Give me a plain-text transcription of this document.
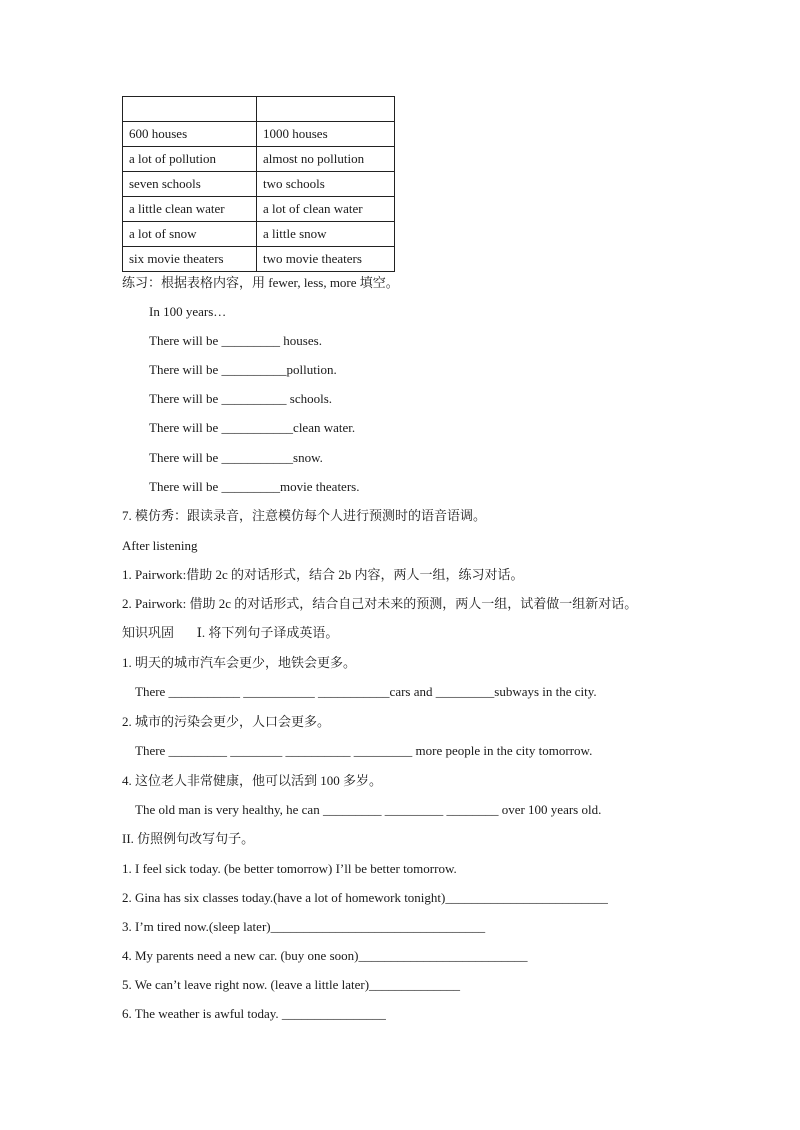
600 houses	1000 houses
a lot of pollution	almost no pollution
seven schools	two schools
a little clean water	a lot of clean water
a lot of snow	a little snow
six movie theaters	two movie theaters
练习：根据表格内容，用 fewer, less, more 填空。
In 100 years…
There will be _________ houses.
There will be __________pollution.
There will be __________ schools.
There will be ___________clean water.
There will be ___________snow.
There will be _________movie theaters.
7. 模仿秀：跟读录音，注意模仿每个人进行预测时的语音语调。
After listening
1. Pairwork:借助 2c 的对话形式，结合 2b 内容，两人一组，练习对话。
2. Pairwork: 借助 2c 的对话形式，结合自己对未来的预测，两人一组，试着做一组新对话。
知识巩固       Ⅰ. 将下列句子译成英语。
1. 明天的城市汽车会更少，地铁会更多。
There ___________ ___________ ___________cars and _________subways in the city.
2. 城市的污染会更少，人口会更多。
There _________ ________ __________ _________ more people in the city tomorrow.
4. 这位老人非常健康，他可以活到 100 多岁。
The old man is very healthy, he can _________ _________ ________ over 100 years old.
II. 仿照例句改写句子。
1. I feel sick today. (be better tomorrow) I’ll be better tomorrow.
2. Gina has six classes today.(have a lot of homework tonight)_________________________
3. I’m tired now.(sleep later)_________________________________
4. My parents need a new car. (buy one soon)__________________________
5. We can’t leave right now. (leave a little later)______________
6. The weather is awful today. ________________
